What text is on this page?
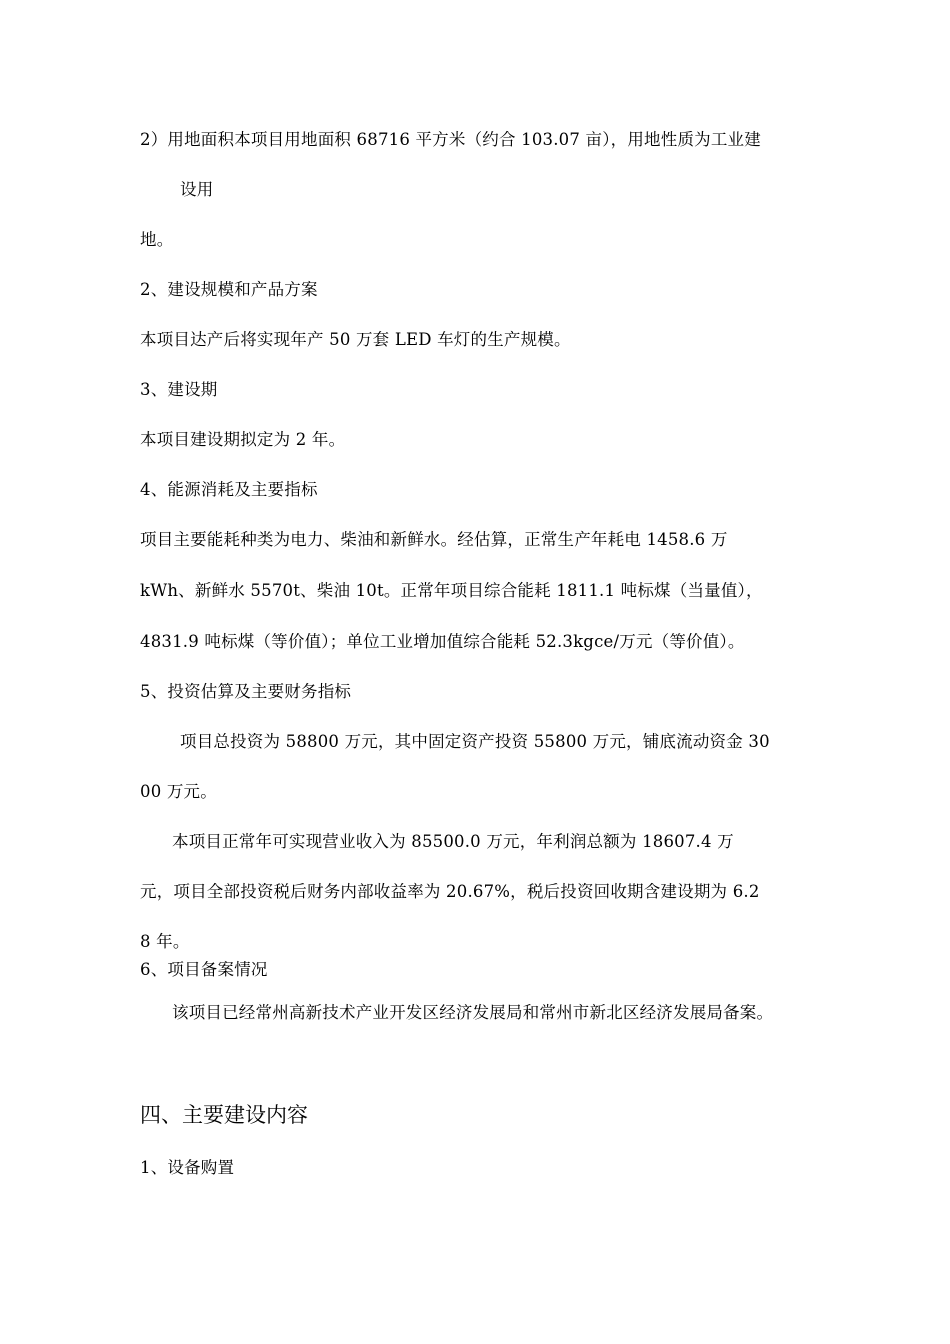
2）用地面积本项目用地面积 68716 平方米（约合 103.07 亩），用地性质为工业建
设用
地。
2、建设规模和产品方案
本项目达产后将实现年产 50 万套 LED 车灯的生产规模。
3、建设期
本项目建设期拟定为 2 年。
4、能源消耗及主要指标
项目主要能耗种类为电力、柴油和新鲜水。经估算，正常生产年耗电 1458.6 万
kWh、新鲜水 5570t、柴油 10t。正常年项目综合能耗 1811.1 吨标煤（当量值），
4831.9 吨标煤（等价值）；单位工业增加值综合能耗 52.3kgce/万元（等价值）。
5、投资估算及主要财务指标
项目总投资为 58800 万元，其中固定资产投资 55800 万元，铺底流动资金 30
00 万元。
本项目正常年可实现营业收入为 85500.0 万元，年利润总额为 18607.4 万
元，项目全部投资税后财务内部收益率为 20.67%，税后投资回收期含建设期为 6.2
8 年。
6、项目备案情况
该项目已经常州高新技术产业开发区经济发展局和常州市新北区经济发展局备案。
四、主要建设内容
1、设备购置
